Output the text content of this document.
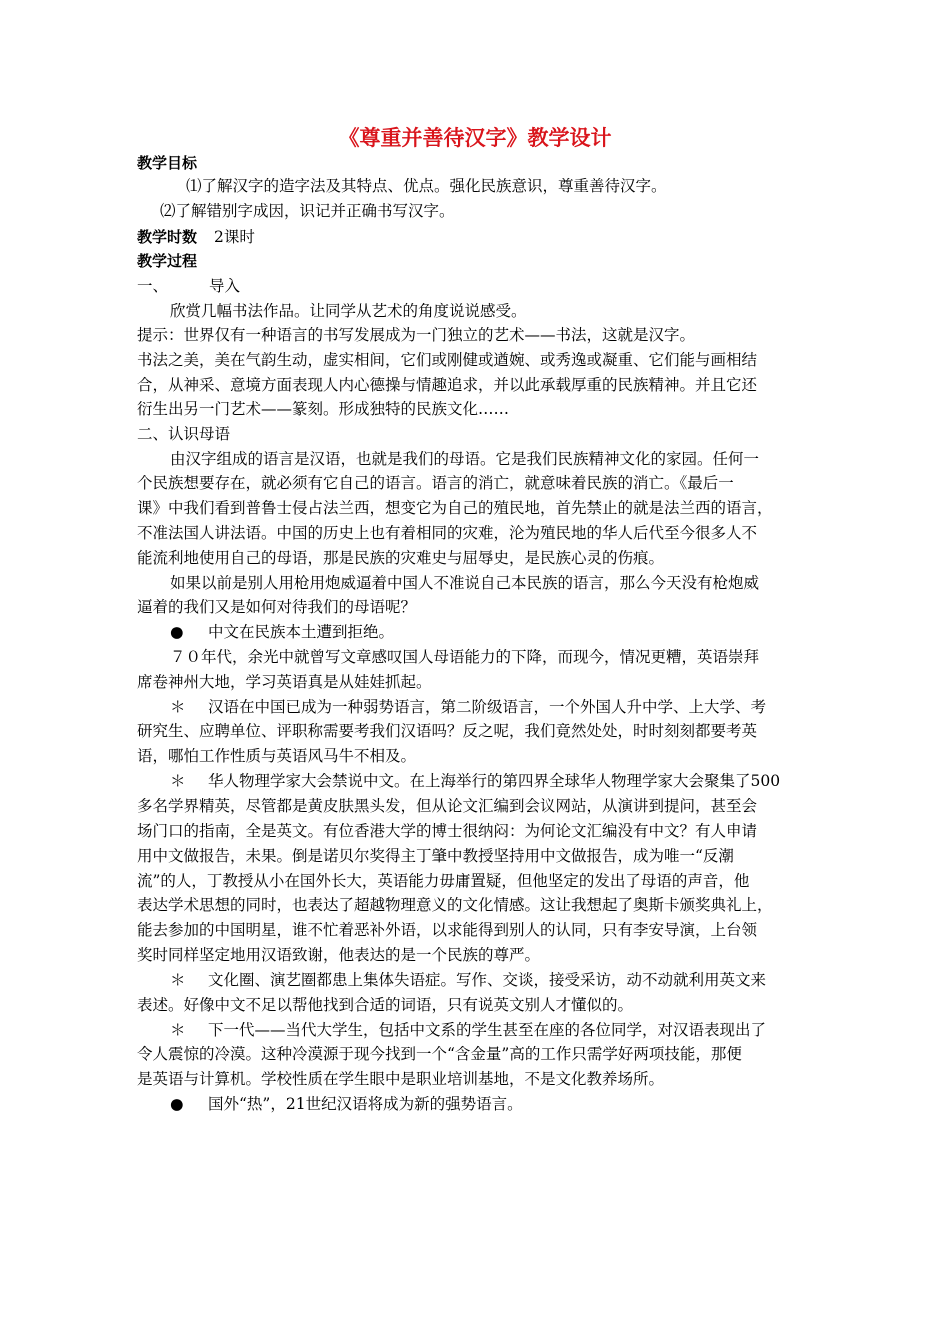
《尊重并善待汉字》教学设计
教学目标
⑴了解汉字的造字法及其特点、优点。强化民族意识，尊重善待汉字。
⑵了解错别字成因，识记并正确书写汉字。
教学时数 2课时
教学过程
一、	导入
欣赏几幅书法作品。让同学从艺术的角度说说感受。
提示：世界仅有一种语言的书写发展成为一门独立的艺术——书法，这就是汉字。
书法之美，美在气韵生动，虚实相间，它们或刚健或遒婉、或秀逸或凝重、它们能与画相结
合，从神采、意境方面表现人内心德操与情趣追求，并以此承载厚重的民族精神。并且它还
衍生出另一门艺术——篆刻。形成独特的民族文化……
二、认识母语
由汉字组成的语言是汉语，也就是我们的母语。它是我们民族精神文化的家园。任何一
个民族想要存在，就必须有它自己的语言。语言的消亡，就意味着民族的消亡。《最后一
课》中我们看到普鲁士侵占法兰西，想变它为自己的殖民地，首先禁止的就是法兰西的语言，
不准法国人讲法语。中国的历史上也有着相同的灾难，沦为殖民地的华人后代至今很多人不
能流利地使用自己的母语，那是民族的灾难史与屈辱史，是民族心灵的伤痕。
如果以前是别人用枪用炮威逼着中国人不准说自己本民族的语言，那么今天没有枪炮威
逼着的我们又是如何对待我们的母语呢？
● 中文在民族本土遭到拒绝。
７０年代，余光中就曾写文章感叹国人母语能力的下降，而现今，情况更糟，英语崇拜
席卷神州大地，学习英语真是从娃娃抓起。
＊ 汉语在中国已成为一种弱势语言，第二阶级语言，一个外国人升中学、上大学、考
研究生、应聘单位、评职称需要考我们汉语吗？反之呢，我们竟然处处，时时刻刻都要考英
语，哪怕工作性质与英语风马牛不相及。
＊ 华人物理学家大会禁说中文。在上海举行的第四界全球华人物理学家大会聚集了500
多名学界精英，尽管都是黄皮肤黑头发，但从论文汇编到会议网站，从演讲到提问，甚至会
场门口的指南，全是英文。有位香港大学的博士很纳闷：为何论文汇编没有中文？有人申请
用中文做报告，未果。倒是诺贝尔奖得主丁肇中教授坚持用中文做报告，成为唯一“反潮
流”的人，丁教授从小在国外长大，英语能力毋庸置疑，但他坚定的发出了母语的声音，他
表达学术思想的同时，也表达了超越物理意义的文化情感。这让我想起了奥斯卡颁奖典礼上，
能去参加的中国明星，谁不忙着恶补外语，以求能得到别人的认同，只有李安导演，上台领
奖时同样坚定地用汉语致谢，他表达的是一个民族的尊严。
＊ 文化圈、演艺圈都患上集体失语症。写作、交谈，接受采访，动不动就利用英文来
表述。好像中文不足以帮他找到合适的词语，只有说英文别人才懂似的。
＊ 下一代——当代大学生，包括中文系的学生甚至在座的各位同学，对汉语表现出了
令人震惊的冷漠。这种冷漠源于现今找到一个“含金量”高的工作只需学好两项技能，那便
是英语与计算机。学校性质在学生眼中是职业培训基地，不是文化教养场所。
● 国外“热”，21世纪汉语将成为新的强势语言。
